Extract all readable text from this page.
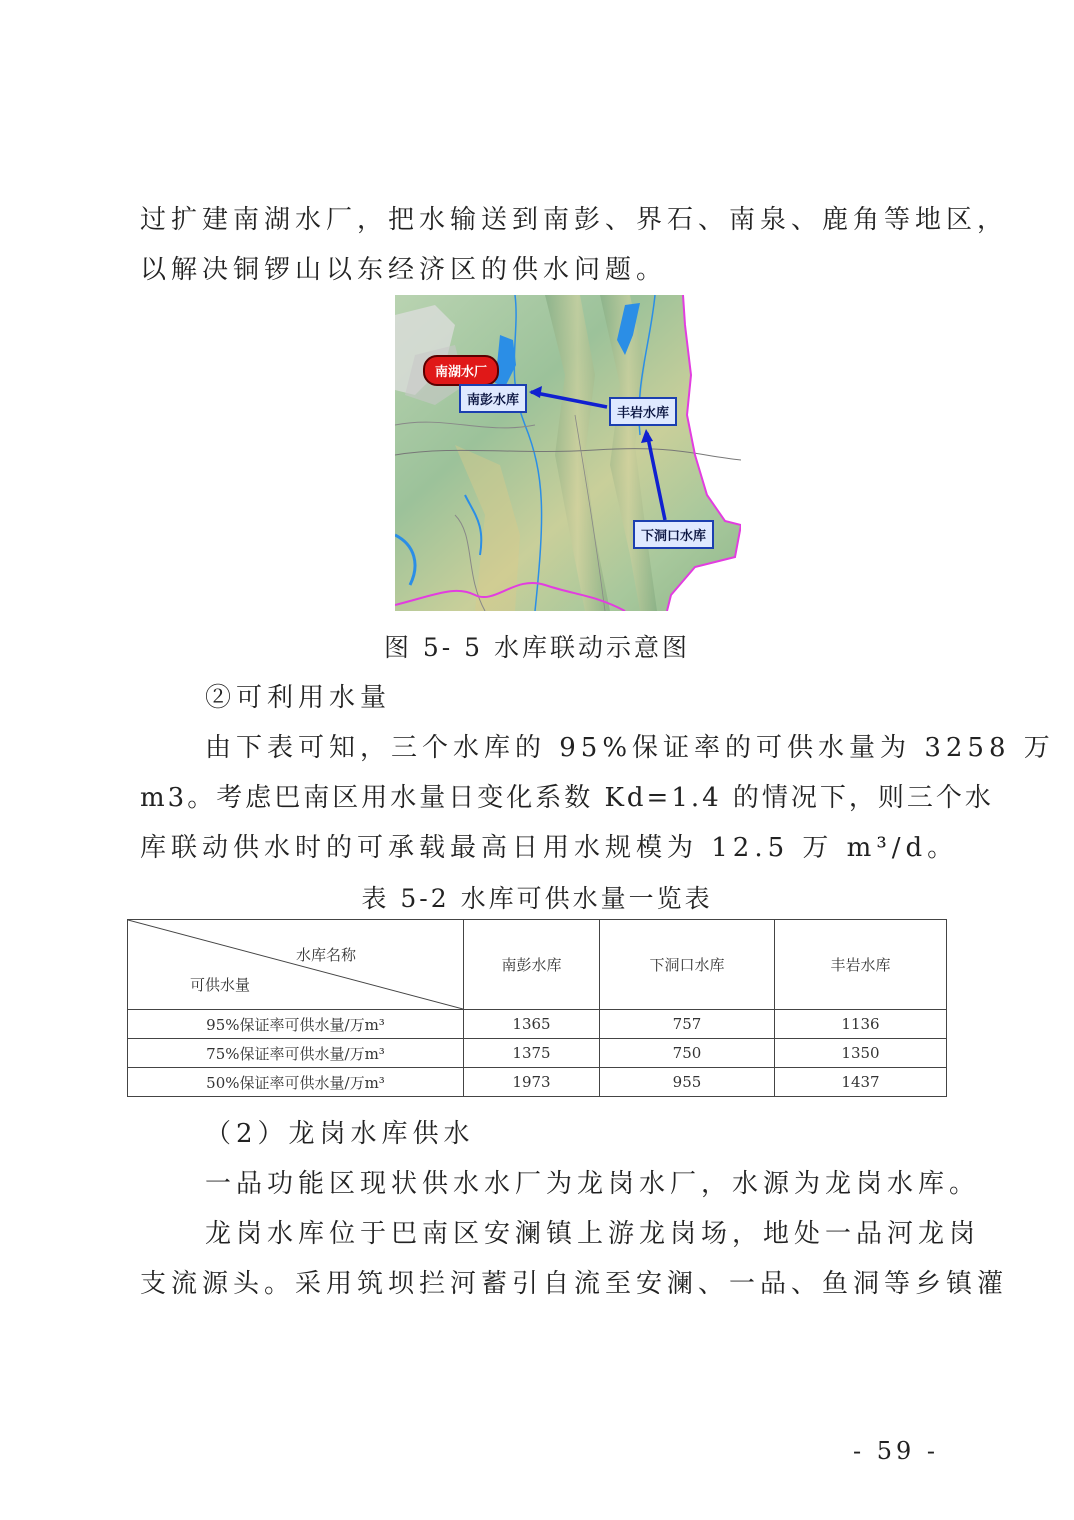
过扩建南湖水厂，把水输送到南彭、界石、南泉、鹿角等地区，
以解决铜锣山以东经济区的供水问题。
南湖水厂
南彭水库
丰岩水库
下洞口水库
图 5- 5 水库联动示意图
②可利用水量
由下表可知，三个水库的 95%保证率的可供水量为 3258 万
m3。考虑巴南区用水量日变化系数 Kd=1.4 的情况下，则三个水
库联动供水时的可承载最高日用水规模为 12.5 万 m³/d。
表 5-2 水库可供水量一览表
水库名称
可供水量	南彭水库	下洞口水库	丰岩水库
95%保证率可供水量/万m³	1365	757	1136
75%保证率可供水量/万m³	1375	750	1350
50%保证率可供水量/万m³	1973	955	1437
（2）龙岗水库供水
一品功能区现状供水水厂为龙岗水厂，水源为龙岗水库。
龙岗水库位于巴南区安澜镇上游龙岗场，地处一品河龙岗
支流源头。采用筑坝拦河蓄引自流至安澜、一品、鱼洞等乡镇灌
- 59 -
